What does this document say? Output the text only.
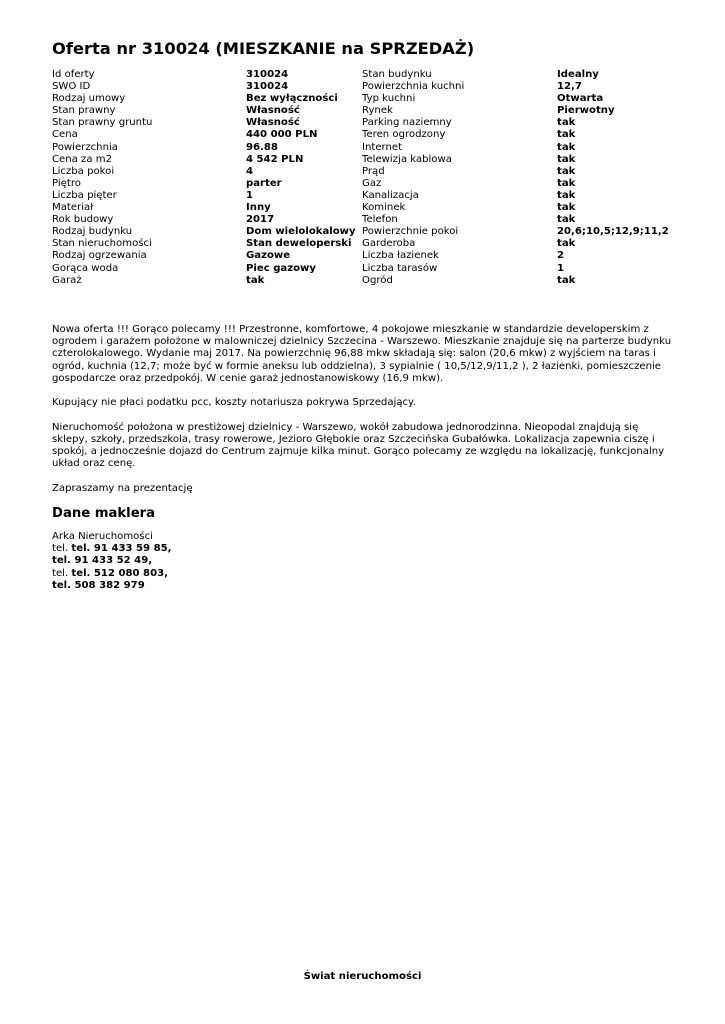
Oferta nr 310024 (MIESZKANIE na SPRZEDAŻ)
Id oferty	310024	Stan budynku	Idealny
SWO ID	310024	Powierzchnia kuchni	12,7
Rodzaj umowy	Bez wyłączności	Typ kuchni	Otwarta
Stan prawny	Własność	Rynek	Pierwotny
Stan prawny gruntu	Własność	Parking naziemny	tak
Cena	440 000 PLN	Teren ogrodzony	tak
Powierzchnia	96.88	Internet	tak
Cena za m2	4 542 PLN	Telewizja kablowa	tak
Liczba pokoi	4	Prąd	tak
Piętro	parter	Gaz	tak
Liczba pięter	1	Kanalizacja	tak
Materiał	Inny	Kominek	tak
Rok budowy	2017	Telefon	tak
Rodzaj budynku	Dom wielolokalowy	Powierzchnie pokoi	20,6;10,5;12,9;11,2
Stan nieruchomości	Stan deweloperski	Garderoba	tak
Rodzaj ogrzewania	Gazowe	Liczba łazienek	2
Gorąca woda	Piec gazowy	Liczba tarasów	1
Garaż	tak	Ogród	tak

Nowa oferta !!! Gorąco polecamy !!! Przestronne, komfortowe, 4 pokojowe mieszkanie w standardzie developerskim z ogrodem i garażem położone w malowniczej dzielnicy Szczecina - Warszewo. Mieszkanie znajduje się na parterze budynku czterolokalowego. Wydanie maj 2017. Na powierzchnię 96,88 mkw składają się: salon (20,6 mkw) z wyjściem na taras i ogród, kuchnia (12,7; może być w formie aneksu lub oddzielna), 3 sypialnie ( 10,5/12,9/11,2 ), 2 łazienki, pomieszczenie gospodarcze oraz przedpokój. W cenie garaż jednostanowiskowy (16,9 mkw).

Kupujący nie płaci podatku pcc, koszty notariusza pokrywa Sprzedający.

Nieruchomość położona w prestiżowej dzielnicy - Warszewo, wokół zabudowa jednorodzinna. Nieopodal znajdują się sklepy, szkoły, przedszkola, trasy rowerowe, Jezioro Głębokie oraz Szczecińska Gubałówka. Lokalizacja zapewnia ciszę i spokój, a jednocześnie dojazd do Centrum zajmuje kilka minut. Gorąco polecamy ze względu na lokalizację, funkcjonalny układ oraz cenę.

Zapraszamy na prezentację

Dane maklera
Arka Nieruchomości
tel. tel. 91 433 59 85,
tel. 91 433 52 49,
tel. tel. 512 080 803,
tel. 508 382 979
Świat nieruchomości
